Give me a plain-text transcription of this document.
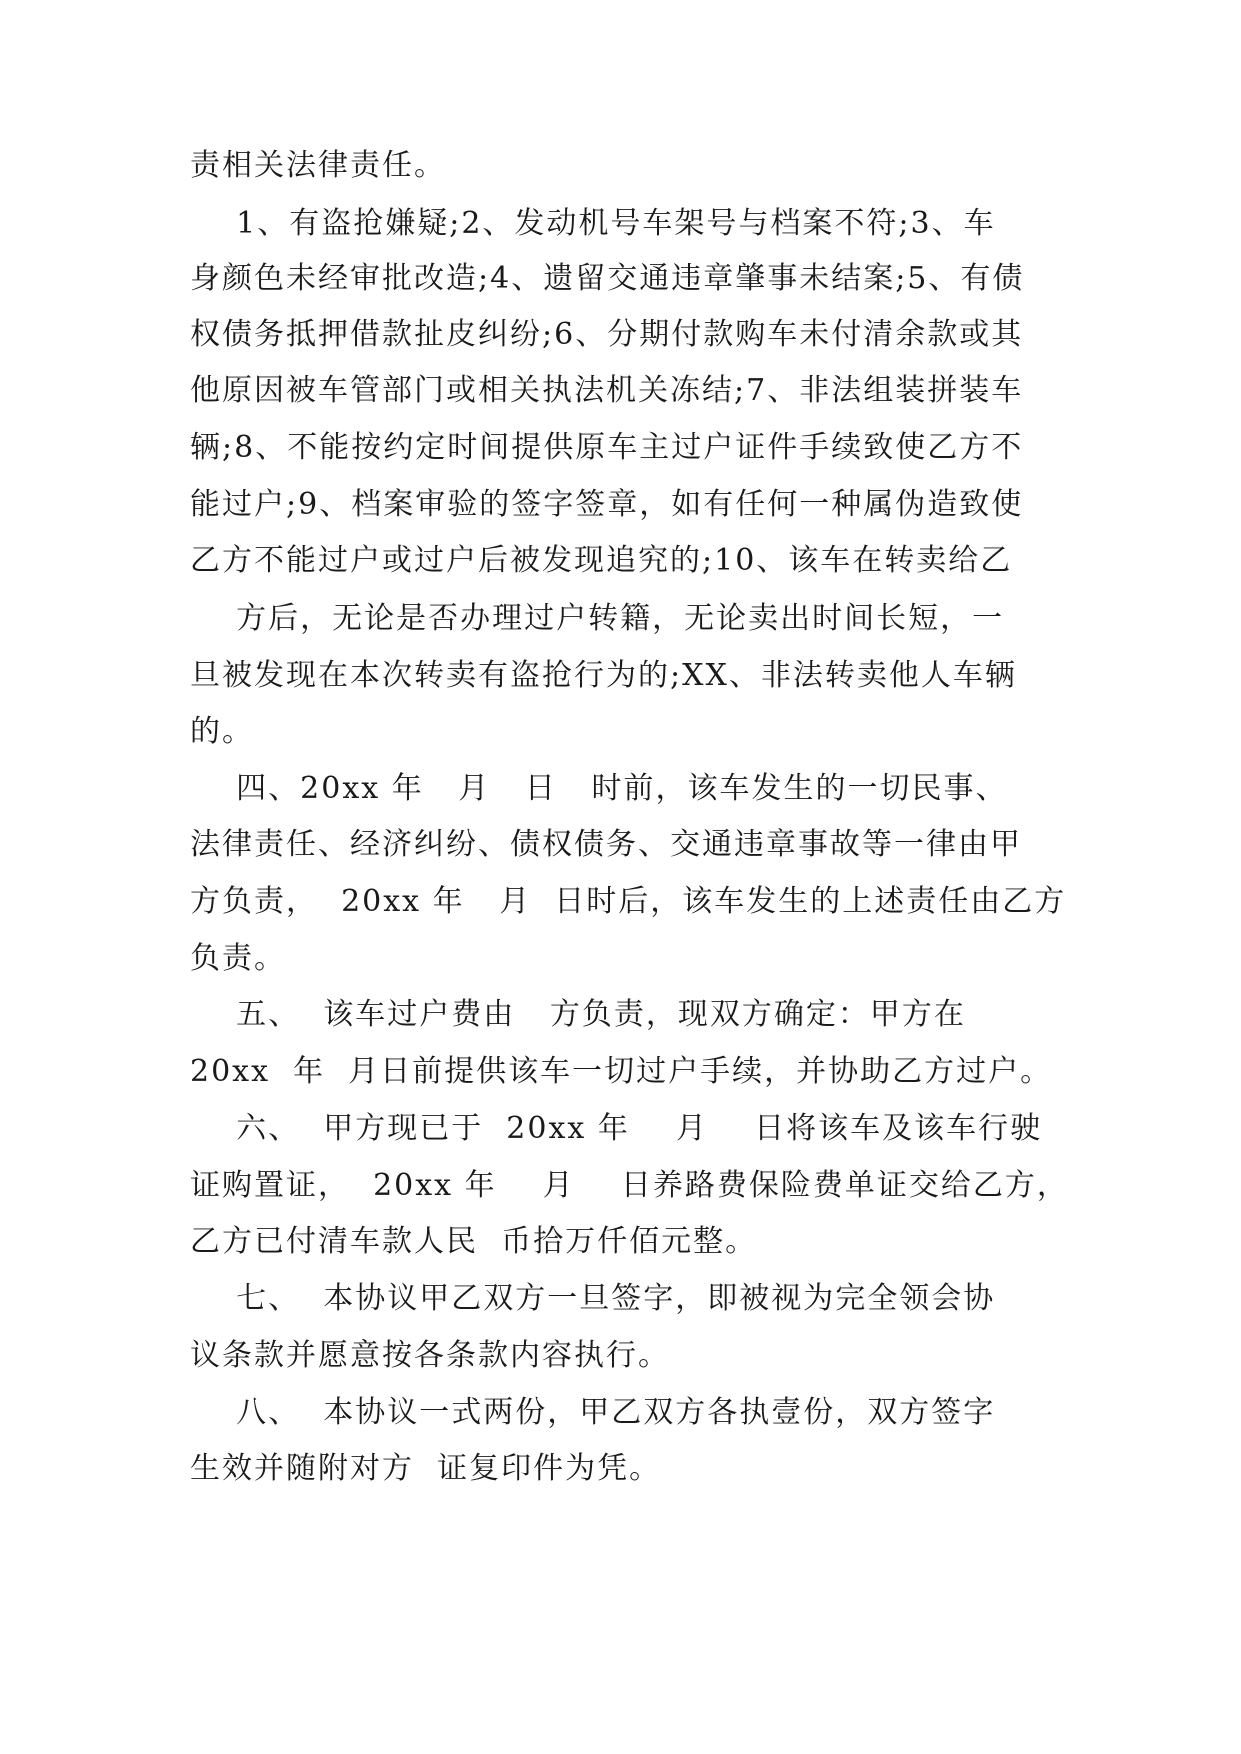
责相关法律责任。
1、有盗抢嫌疑;2、发动机号车架号与档案不符;3、车
身颜色未经审批改造;4、遗留交通违章肇事未结案;5、有债
权债务抵押借款扯皮纠纷;6、分期付款购车未付清余款或其
他原因被车管部门或相关执法机关冻结;7、非法组装拼装车
辆;8、不能按约定时间提供原车主过户证件手续致使乙方不
能过户;9、档案审验的签字签章，如有任何一种属伪造致使
乙方不能过户或过户后被发现追究的;10、该车在转卖给乙
方后，无论是否办理过户转籍，无论卖出时间长短，一
旦被发现在本次转卖有盗抢行为的;XX、非法转卖他人车辆
的。
四、20xx 年   月   日   时前，该车发生的一切民事、
法律责任、经济纠纷、债权债务、交通违章事故等一律由甲
方负责，  20xx 年   月  日时后，该车发生的上述责任由乙方
负责。
五、  该车过户费由   方负责，现双方确定：甲方在
20xx  年  月日前提供该车一切过户手续，并协助乙方过户。
六、  甲方现已于  20xx 年    月    日将该车及该车行驶
证购置证，  20xx 年    月    日养路费保险费单证交给乙方，
乙方已付清车款人民  币拾万仟佰元整。
七、  本协议甲乙双方一旦签字，即被视为完全领会协
议条款并愿意按各条款内容执行。
八、  本协议一式两份，甲乙双方各执壹份，双方签字
生效并随附对方  证复印件为凭。
